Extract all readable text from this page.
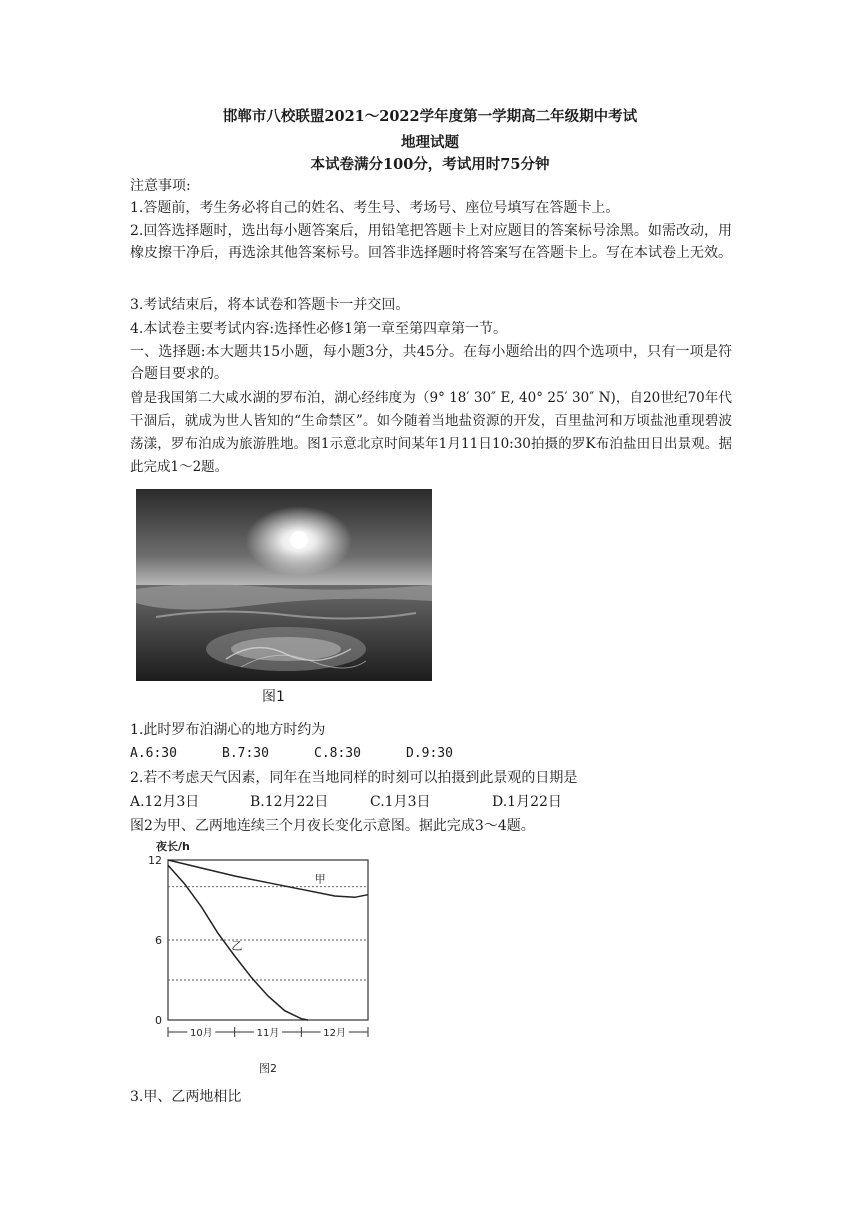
邯郸市八校联盟2021～2022学年度第一学期高二年级期中考试
地理试题
本试卷满分100分，考试用时75分钟
注意事项:
1.答题前，考生务必将自己的姓名、考生号、考场号、座位号填写在答题卡上。
2.回答选择题时，选出每小题答案后，用铅笔把答题卡上对应题目的答案标号涂黑。如需改动，用橡皮擦干净后，再选涂其他答案标号。回答非选择题时将答案写在答题卡上。写在本试卷上无效。
3.考试结束后，将本试卷和答题卡一并交回。
4.本试卷主要考试内容:选择性必修1第一章至第四章第一节。
一、选择题:本大题共15小题，每小题3分，共45分。在每小题给出的四个选项中，只有一项是符合题目要求的。
曾是我国第二大咸水湖的罗布泊，湖心经纬度为（9° 18′ 30″ E, 40° 25′ 30″ N)，自20世纪70年代干涸后，就成为世人皆知的“生命禁区”。如今随着当地盐资源的开发，百里盐河和万顷盐池重现碧波荡漾，罗布泊成为旅游胜地。图1示意北京时间某年1月11日10:30拍摄的罗K布泊盐田日出景观。据此完成1～2题。
图1
1.此时罗布泊湖心的地方时约为
A.6:30	B.7:30	C.8:30	D.9:30
2.若不考虑天气因素，同年在当地同样的时刻可以拍摄到此景观的日期是
A.12月3日	B.12月22日	C.1月3日	D.1月22日
图2为甲、乙两地连续三个月夜长变化示意图。据此完成3～4题。
夜长/h
12
6
0
甲
乙
10月	11月	12月
图2
3.甲、乙两地相比
